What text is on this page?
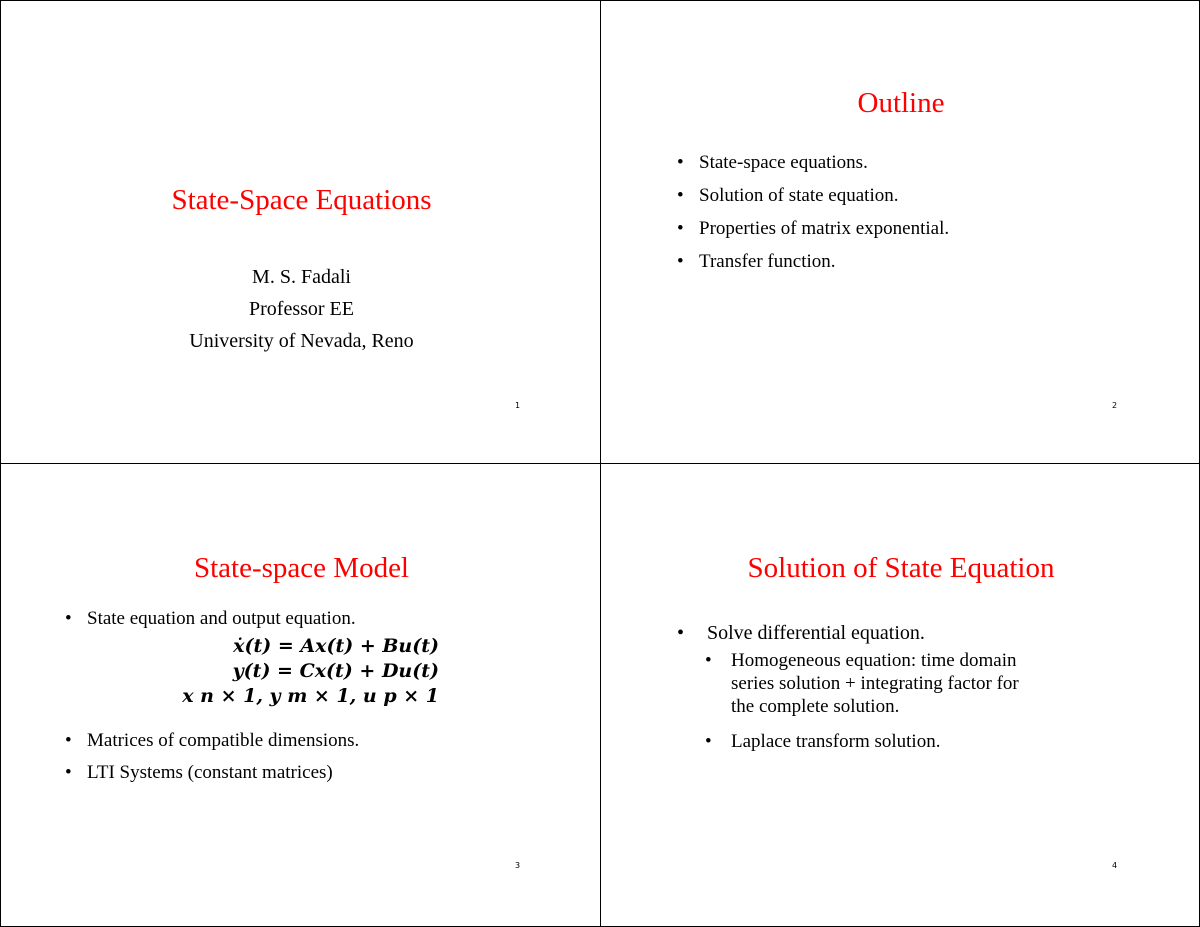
State-Space Equations
M. S. Fadali
Professor EE
University of Nevada, Reno
1
Outline
• State-space equations.
• Solution of state equation.
• Properties of matrix exponential.
• Transfer function.
2
State-space Model
• State equation and output equation.
ẋ(t) = Ax(t) + Bu(t)
y(t) = Cx(t) + Du(t)
x n × 1, y m × 1, u p × 1
• Matrices of compatible dimensions.
• LTI Systems (constant matrices)
3
Solution of State Equation
• Solve differential equation.
• Homogeneous equation: time domain
series solution + integrating factor for
the complete solution.
• Laplace transform solution.
4
